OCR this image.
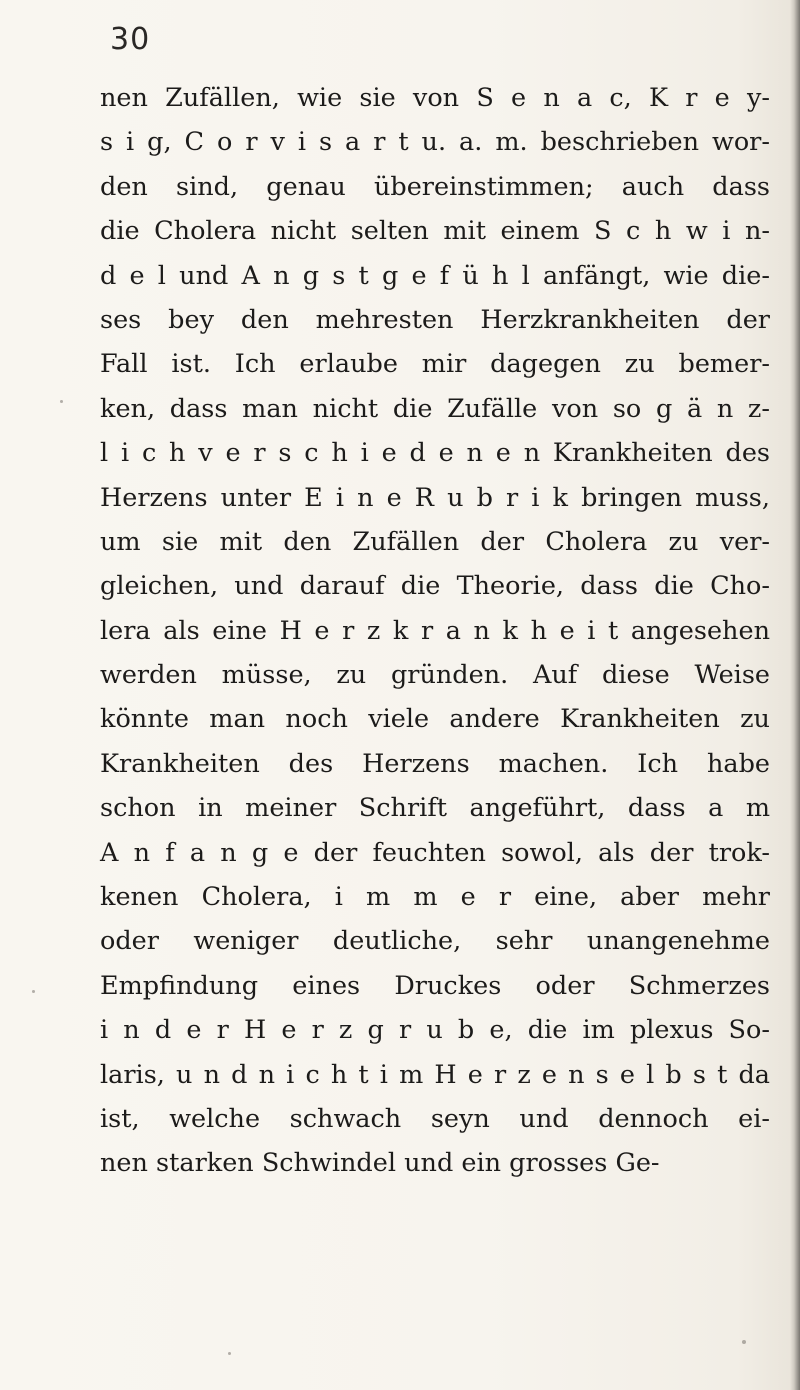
30
nen Zufällen, wie sie von S e n a c, K r e y-
s i g, C o r v i s a r t u. a. m. beschrieben wor-
den sind, genau übereinstimmen; auch dass
die Cholera nicht selten mit einem S c h w i n-
d e l und A n g s t g e f ü h l anfängt, wie die-
ses bey den mehresten Herzkrankheiten der
Fall ist. Ich erlaube mir dagegen zu bemer-
ken, dass man nicht die Zufälle von so g ä n z-
l i c h v e r s c h i e d e n e n Krankheiten des
Herzens unter E i n e R u b r i k bringen muss,
um sie mit den Zufällen der Cholera zu ver-
gleichen, und darauf die Theorie, dass die Cho-
lera als eine H e r z k r a n k h e i t angesehen
werden müsse, zu gründen. Auf diese Weise
könnte man noch viele andere Krankheiten zu
Krankheiten des Herzens machen. Ich habe
schon in meiner Schrift angeführt, dass a m
A n f a n g e der feuchten sowol, als der trok-
kenen Cholera, i m m e r eine, aber mehr
oder weniger deutliche, sehr unangenehme
Empfindung eines Druckes oder Schmerzes
i n d e r H e r z g r u b e, die im plexus So-
laris, u n d n i c h t i m H e r z e n s e l b s t da
ist, welche schwach seyn und dennoch ei-
nen starken Schwindel und ein grosses Ge-
